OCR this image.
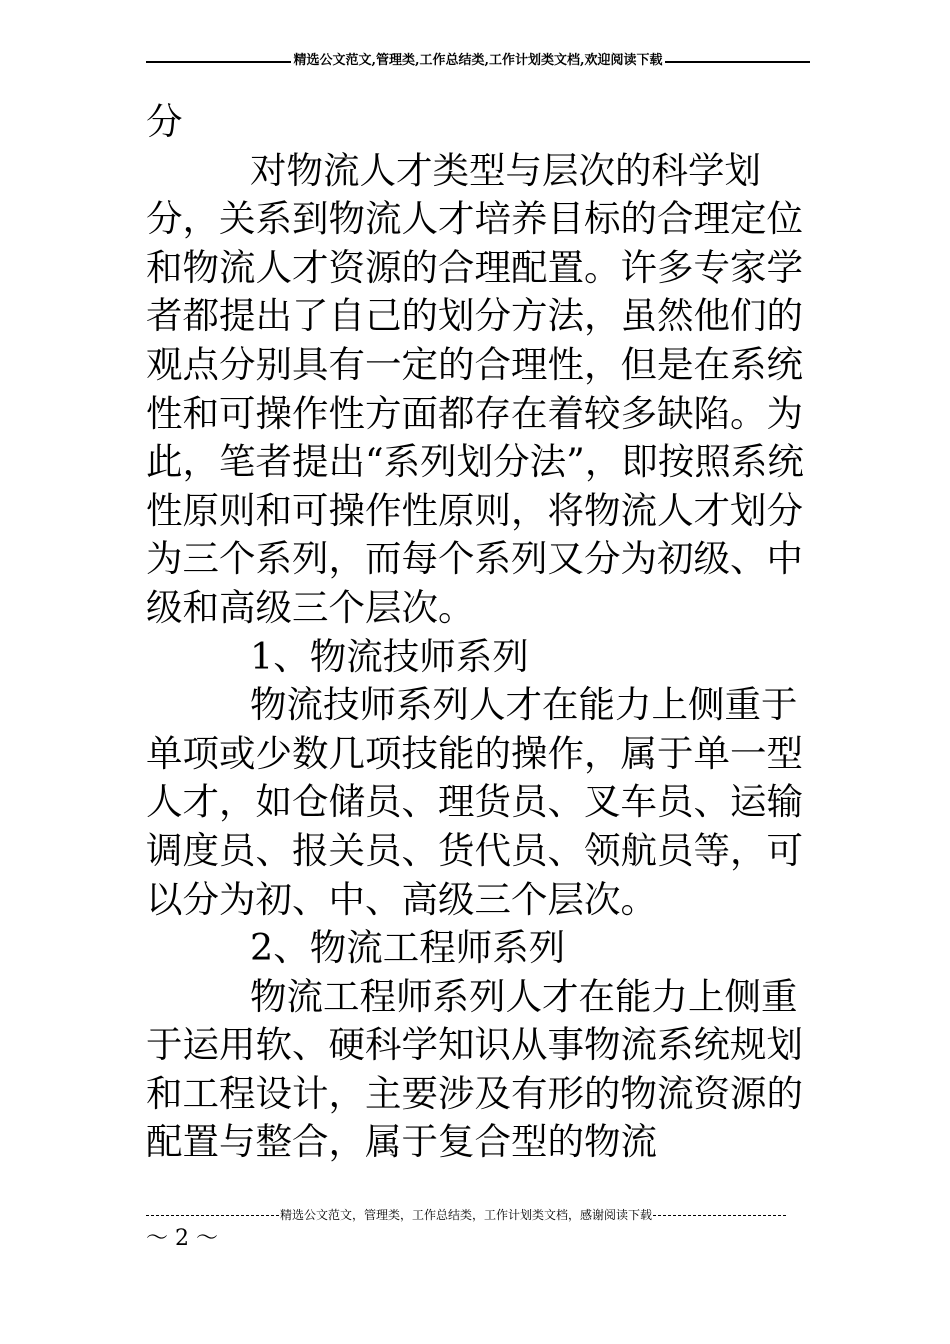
精选公文范文,管理类,工作总结类,工作计划类文档,欢迎阅读下载

分

对物流人才类型与层次的科学划分，关系到物流人才培养目标的合理定位和物流人才资源的合理配置。许多专家学者都提出了自己的划分方法，虽然他们的观点分别具有一定的合理性，但是在系统性和可操作性方面都存在着较多缺陷。为此，笔者提出“系列划分法”，即按照系统性原则和可操作性原则，将物流人才划分为三个系列，而每个系列又分为初级、中级和高级三个层次。

1、物流技师系列

物流技师系列人才在能力上侧重于单项或少数几项技能的操作，属于单一型人才，如仓储员、理货员、叉车员、运输调度员、报关员、货代员、领航员等，可以分为初、中、高级三个层次。

2、物流工程师系列

物流工程师系列人才在能力上侧重于运用软、硬科学知识从事物流系统规划和工程设计，主要涉及有形的物流资源的配置与整合，属于复合型的物流

精选公文范文，管理类，工作总结类，工作计划类文档，感谢阅读下载
～ 2 ～
